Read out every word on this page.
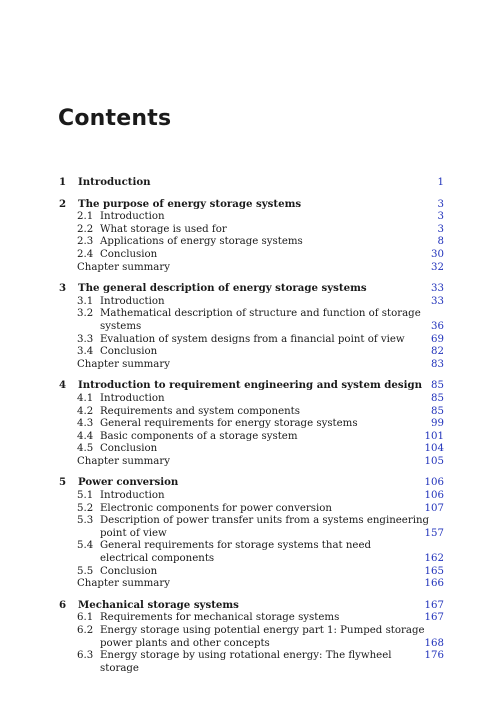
Contents
1	Introduction	1
2	The purpose of energy storage systems	3
2.1 Introduction	3
2.2 What storage is used for	3
2.3 Applications of energy storage systems	8
2.4 Conclusion	30
Chapter summary	32
3	The general description of energy storage systems	33
3.1 Introduction	33
3.2 Mathematical description of structure and function of storage
systems	36
3.3 Evaluation of system designs from a financial point of view	69
3.4 Conclusion	82
Chapter summary	83
4	Introduction to requirement engineering and system design 85
4.1 Introduction	85
4.2 Requirements and system components	85
4.3 General requirements for energy storage systems	99
4.4 Basic components of a storage system	101
4.5 Conclusion	104
Chapter summary	105
5	Power conversion	106
5.1 Introduction	106
5.2 Electronic components for power conversion	107
5.3 Description of power transfer units from a systems engineering
point of view	157
5.4 General requirements for storage systems that need
electrical components	162
5.5 Conclusion	165
Chapter summary	166
6	Mechanical storage systems	167
6.1 Requirements for mechanical storage systems	167
6.2 Energy storage using potential energy part 1: Pumped storage
power plants and other concepts	168
6.3 Energy storage by using rotational energy: The flywheel storage
176
